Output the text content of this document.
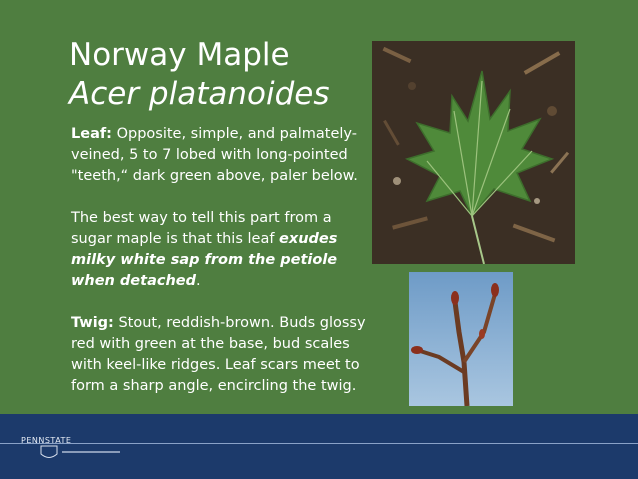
Norway Maple
Acer platanoides

Leaf: Opposite, simple, and palmately-veined, 5 to 7 lobed with long-pointed "teeth,“ dark green above, paler below.

The best way to tell this part from a sugar maple is that this leaf exudes milky white sap from the petiole when detached.

Twig: Stout, reddish-brown. Buds glossy red with green at the base, bud scales with keel-like ridges. Leaf scars meet to form a sharp angle, encircling the twig.

PENNSTATE
